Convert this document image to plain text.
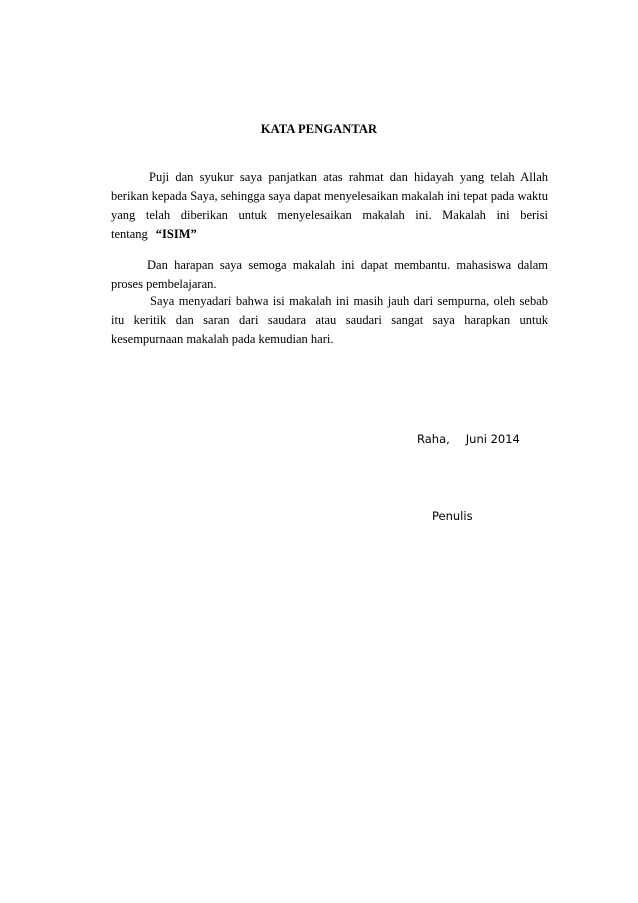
KATA PENGANTAR

Puji dan syukur saya panjatkan atas rahmat dan hidayah yang telah Allah berikan kepada Saya, sehingga saya dapat menyelesaikan makalah ini tepat pada waktu yang telah diberikan untuk menyelesaikan makalah ini. Makalah ini berisi tentang “ISIM”

Dan harapan saya semoga makalah ini dapat membantu. mahasiswa dalam proses pembelajaran.

Saya menyadari bahwa isi makalah ini masih jauh dari sempurna, oleh sebab itu keritik dan saran dari saudara atau saudari sangat saya harapkan untuk kesempurnaan makalah pada kemudian hari.

Raha, Juni 2014
Penulis
